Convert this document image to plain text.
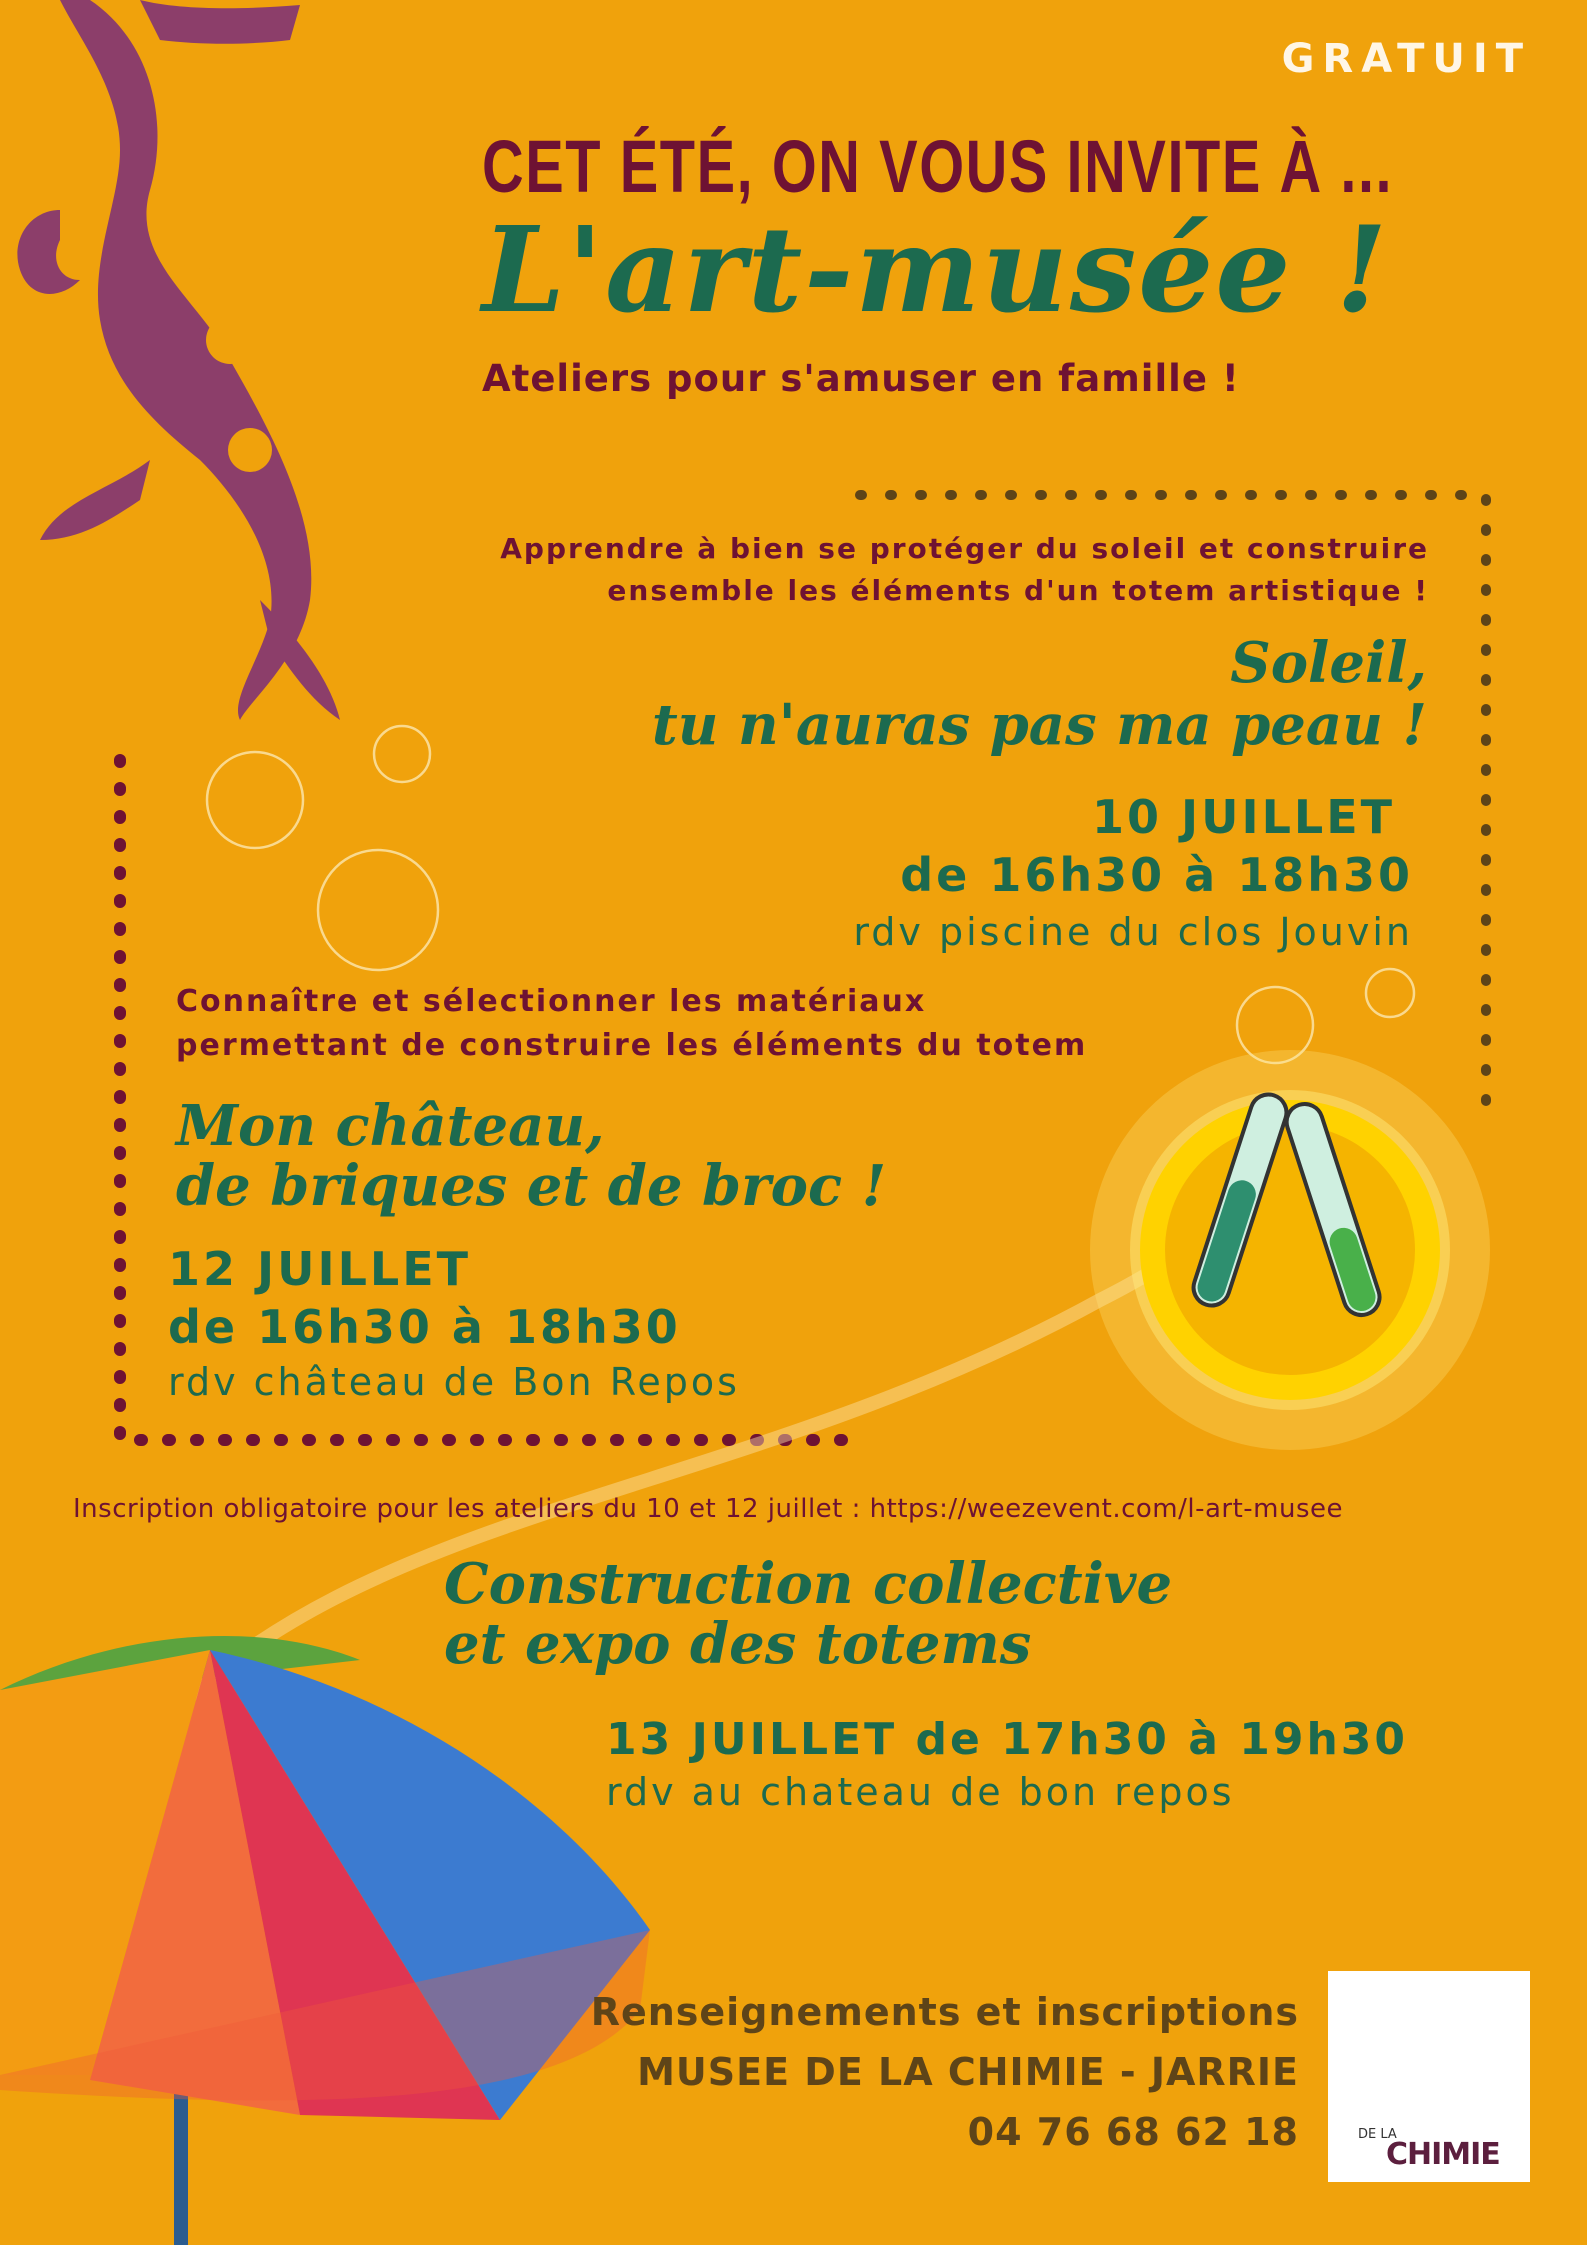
GRATUIT
CET ÉTÉ, ON VOUS INVITE À ...
L'art-musée !
Ateliers pour s'amuser en famille !
Apprendre à bien se protéger du soleil et construire
ensemble les éléments d'un totem artistique !
Soleil,
tu n'auras pas ma peau !
10 JUILLET
de 16h30 à 18h30
rdv piscine du clos Jouvin
Connaître et sélectionner les matériaux
permettant de construire les éléments du totem
Mon château,
de briques et de broc !
12 JUILLET
de 16h30 à 18h30
rdv château de Bon Repos
Inscription obligatoire pour les ateliers du 10 et 12 juillet : https://weezevent.com/l-art-musee
Construction collective
et expo des totems
13 JUILLET de 17h30 à 19h30
rdv au chateau de bon repos
Renseignements et inscriptions
MUSEE DE LA CHIMIE - JARRIE
04 76 68 62 18
MUSÉE
DE LA
CHIMIE
